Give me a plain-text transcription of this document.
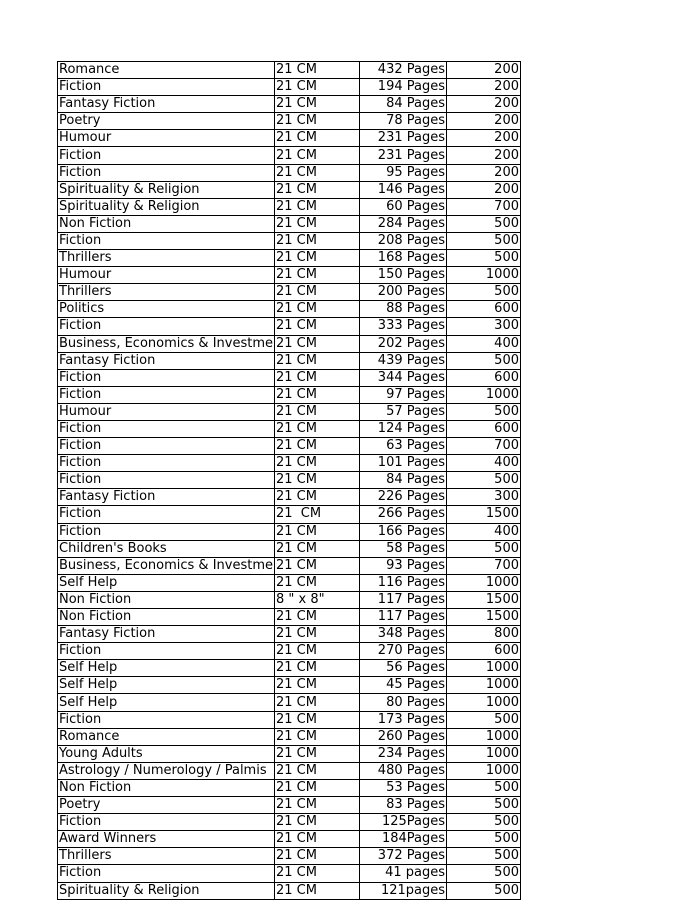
Romance	21 CM	432 Pages	200
Fiction	21 CM	194 Pages	200
Fantasy Fiction	21 CM	84 Pages	200
Poetry	21 CM	78 Pages	200
Humour	21 CM	231 Pages	200
Fiction	21 CM	231 Pages	200
Fiction	21 CM	95 Pages	200
Spirituality & Religion	21 CM	146 Pages	200
Spirituality & Religion	21 CM	60 Pages	700
Non Fiction	21 CM	284 Pages	500
Fiction	21 CM	208 Pages	500
Thrillers	21 CM	168 Pages	500
Humour	21 CM	150 Pages	1000
Thrillers	21 CM	200 Pages	500
Politics	21 CM	88 Pages	600
Fiction	21 CM	333 Pages	300
Business, Economics & Investme	21 CM	202 Pages	400
Fantasy Fiction	21 CM	439 Pages	500
Fiction	21 CM	344 Pages	600
Fiction	21 CM	97 Pages	1000
Humour	21 CM	57 Pages	500
Fiction	21 CM	124 Pages	600
Fiction	21 CM	63 Pages	700
Fiction	21 CM	101 Pages	400
Fiction	21 CM	84 Pages	500
Fantasy Fiction	21 CM	226 Pages	300
Fiction	21  CM	266 Pages	1500
Fiction	21 CM	166 Pages	400
Children's Books	21 CM	58 Pages	500
Business, Economics & Investme	21 CM	93 Pages	700
Self Help	21 CM	116 Pages	1000
Non Fiction	8 " x 8"	117 Pages	1500
Non Fiction	21 CM	117 Pages	1500
Fantasy Fiction	21 CM	348 Pages	800
Fiction	21 CM	270 Pages	600
Self Help	21 CM	56 Pages	1000
Self Help	21 CM	45 Pages	1000
Self Help	21 CM	80 Pages	1000
Fiction	21 CM	173 Pages	500
Romance	21 CM	260 Pages	1000
Young Adults	21 CM	234 Pages	1000
Astrology / Numerology / Palmis	21 CM	480 Pages	1000
Non Fiction	21 CM	53 Pages	500
Poetry	21 CM	83 Pages	500
Fiction	21 CM	125Pages	500
Award Winners	21 CM	184Pages	500
Thrillers	21 CM	372 Pages	500
Fiction	21 CM	41 pages	500
Spirituality & Religion	21 CM	121pages	500
